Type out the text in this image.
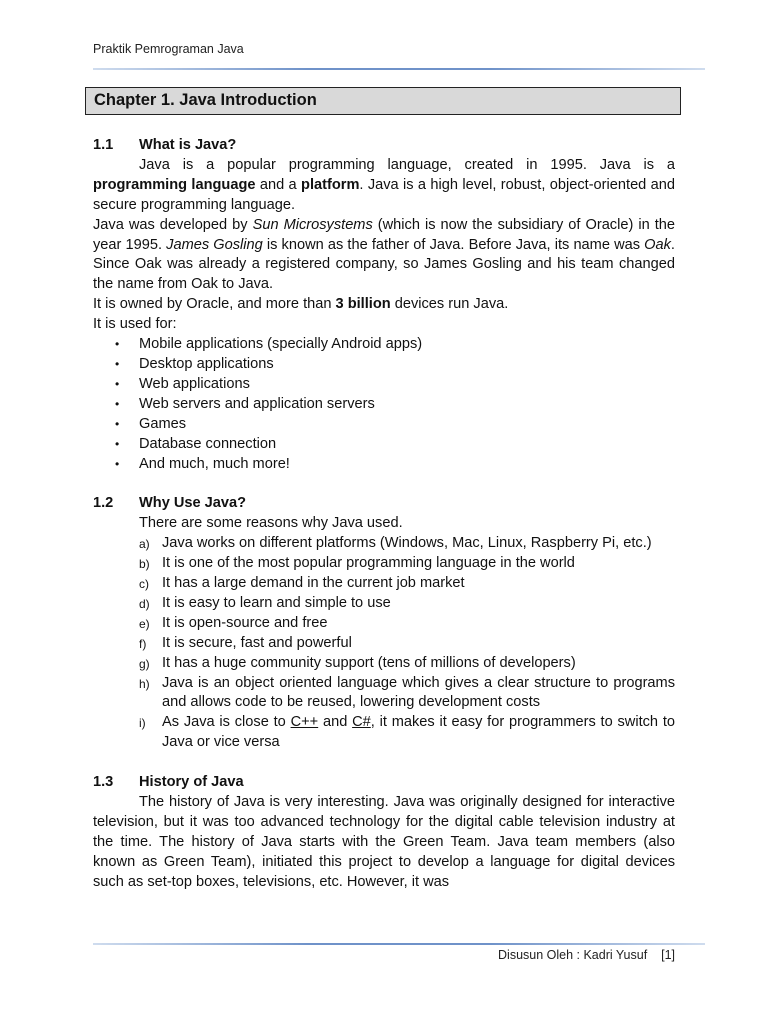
Praktik Pemrograman Java
Chapter 1. Java Introduction
1.1 What is Java?

Java is a popular programming language, created in 1995. Java is a programming language and a platform. Java is a high level, robust, object-oriented and secure programming language.

Java was developed by Sun Microsystems (which is now the subsidiary of Oracle) in the year 1995. James Gosling is known as the father of Java. Before Java, its name was Oak. Since Oak was already a registered company, so James Gosling and his team changed the name from Oak to Java.

It is owned by Oracle, and more than 3 billion devices run Java.

It is used for:

• Mobile applications (specially Android apps)
• Desktop applications
• Web applications
• Web servers and application servers
• Games
• Database connection
• And much, much more!
1.2 Why Use Java?

There are some reasons why Java used.

a) Java works on different platforms (Windows, Mac, Linux, Raspberry Pi, etc.)
b) It is one of the most popular programming language in the world
c) It has a large demand in the current job market
d) It is easy to learn and simple to use
e) It is open-source and free
f) It is secure, fast and powerful
g) It has a huge community support (tens of millions of developers)
h) Java is an object oriented language which gives a clear structure to programs and allows code to be reused, lowering development costs
i) As Java is close to C++ and C#, it makes it easy for programmers to switch to Java or vice versa
1.3 History of Java

The history of Java is very interesting. Java was originally designed for interactive television, but it was too advanced technology for the digital cable television industry at the time. The history of Java starts with the Green Team. Java team members (also known as Green Team), initiated this project to develop a language for digital devices such as set-top boxes, televisions, etc. However, it was

Disusun Oleh : Kadri Yusuf [1]
